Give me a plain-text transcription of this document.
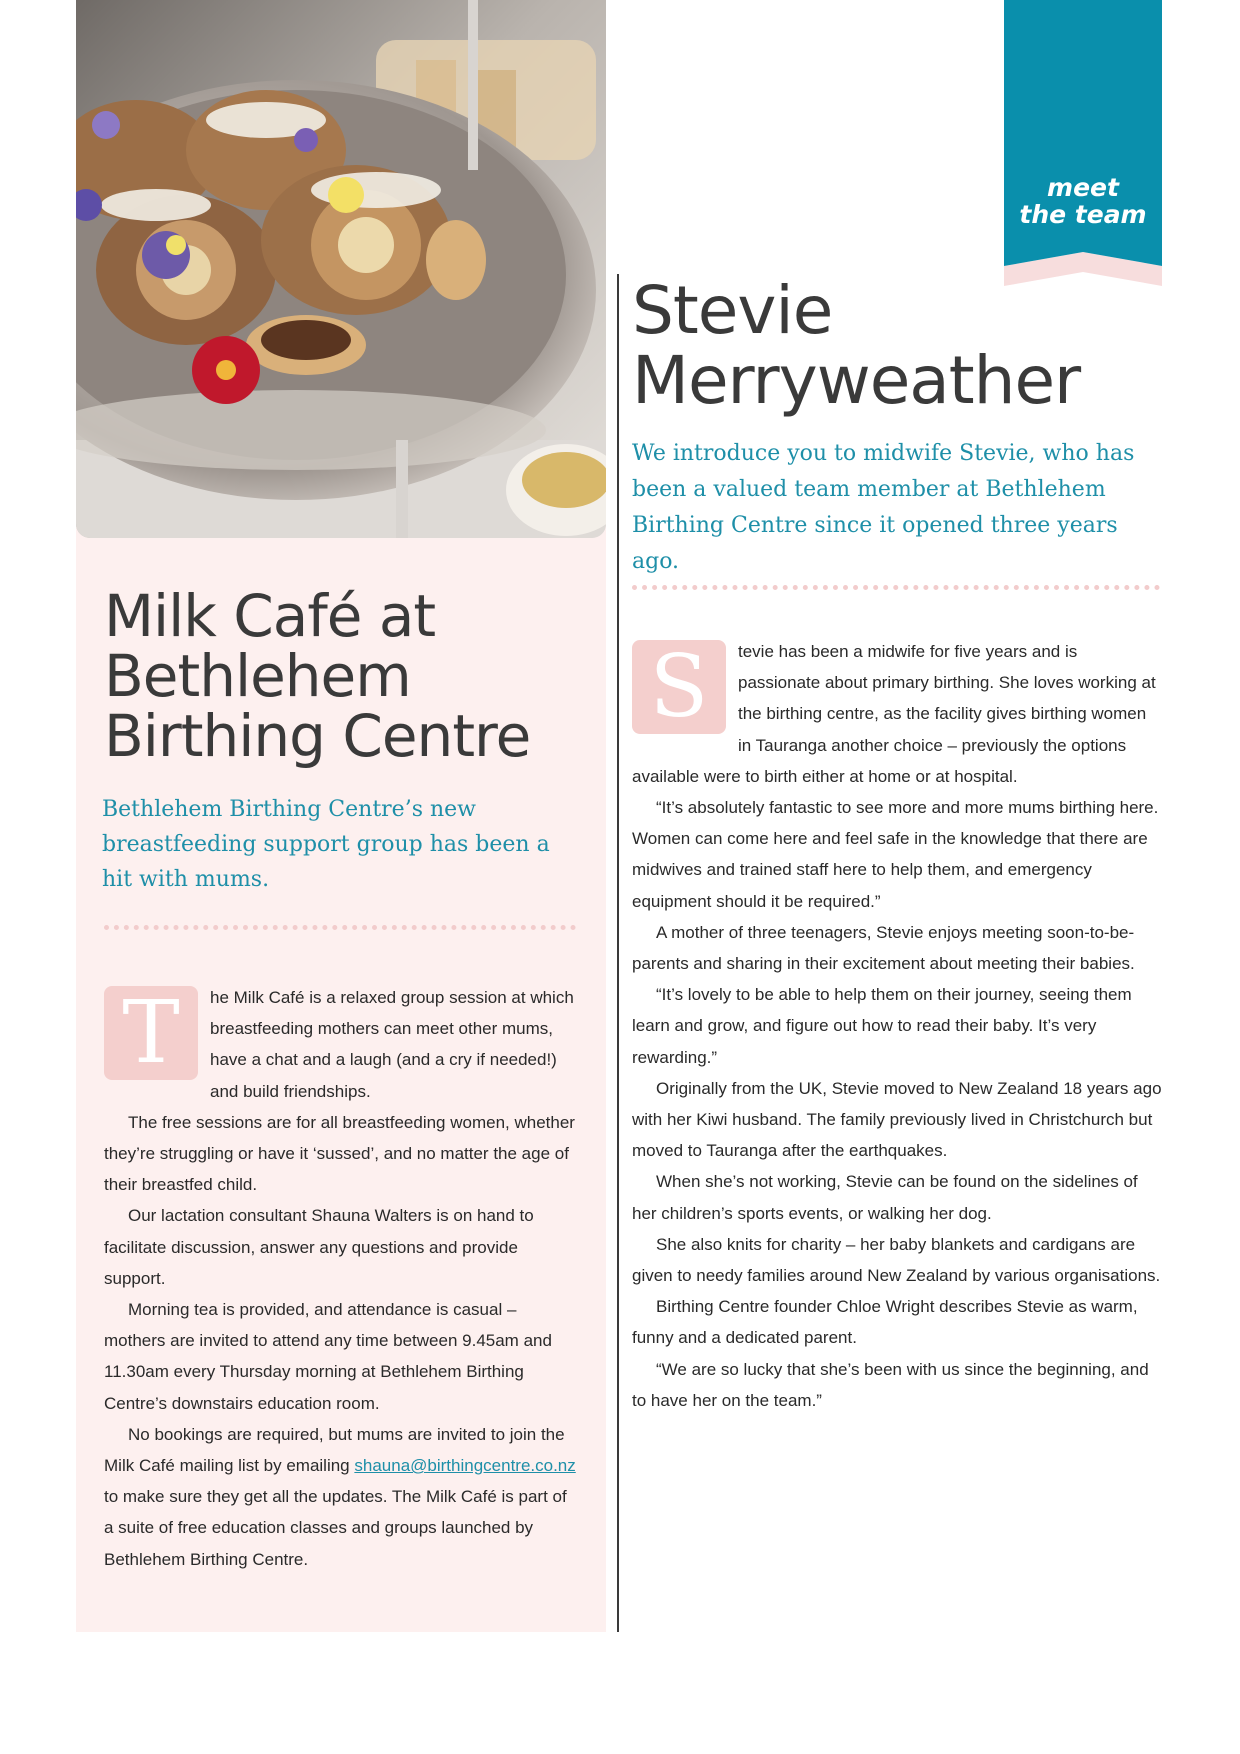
Milk Café at Bethlehem Birthing Centre

Bethlehem Birthing Centre’s new breastfeeding support group has been a hit with mums.

T	he Milk Café is a relaxed group session at which breastfeeding mothers can meet other mums, have a chat and a laugh (and a cry if needed!) and build friendships.

The free sessions are for all breastfeeding women, whether they’re struggling or have it ‘sussed’, and no matter the age of their breastfed child.

Our lactation consultant Shauna Walters is on hand to facilitate discussion, answer any questions and provide support.

Morning tea is provided, and attendance is casual – mothers are invited to attend any time between 9.45am and 11.30am every Thursday morning at Bethlehem Birthing Centre’s downstairs education room.

No bookings are required, but mums are invited to join the Milk Café mailing list by emailing shauna@birthingcentre.co.nz to make sure they get all the updates. The Milk Café is part of a suite of free education classes and groups launched by Bethlehem Birthing Centre.

meet
the team
Stevie
Merryweather

We introduce you to midwife Stevie, who has been a valued team member at Bethlehem Birthing Centre since it opened three years ago.

S	tevie has been a midwife for five years and is passionate about primary birthing. She loves working at the birthing centre, as the facility gives birthing women in Tauranga another choice – previously the options available were to birth either at home or at hospital.

“It’s absolutely fantastic to see more and more mums birthing here. Women can come here and feel safe in the knowledge that there are midwives and trained staff here to help them, and emergency equipment should it be required.”

A mother of three teenagers, Stevie enjoys meeting soon-to-be-parents and sharing in their excitement about meeting their babies.

“It’s lovely to be able to help them on their journey, seeing them learn and grow, and figure out how to read their baby. It’s very rewarding.”

Originally from the UK, Stevie moved to New Zealand 18 years ago with her Kiwi husband. The family previously lived in Christchurch but moved to Tauranga after the earthquakes.

When she’s not working, Stevie can be found on the sidelines of her children’s sports events, or walking her dog.

She also knits for charity – her baby blankets and cardigans are given to needy families around New Zealand by various organisations.

Birthing Centre founder Chloe Wright describes Stevie as warm, funny and a dedicated parent.

“We are so lucky that she’s been with us since the beginning, and to have her on the team.”
